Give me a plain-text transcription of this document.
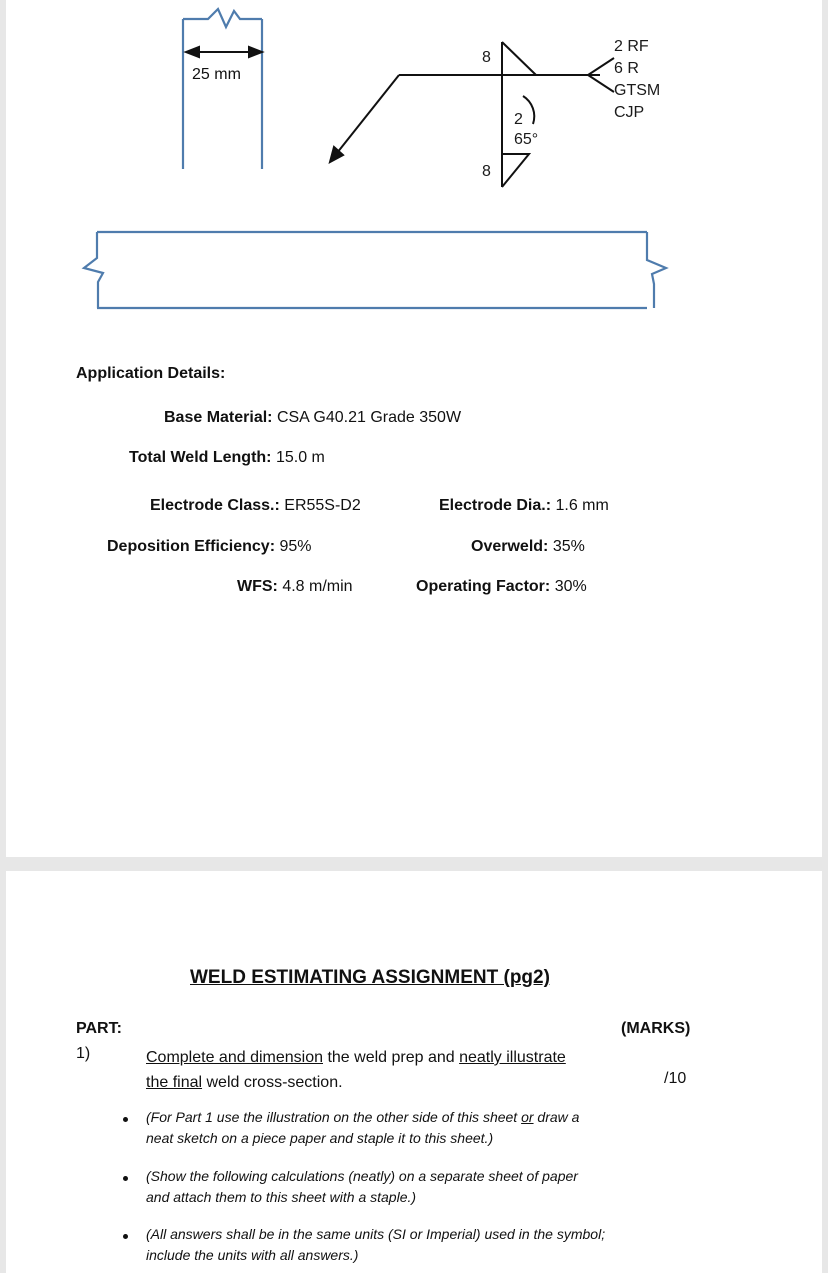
25 mm
8
8
2
65°
2 RF
6 R
GTSM
CJP
Application Details:
Base Material: CSA G40.21 Grade 350W
Total Weld Length: 15.0 m
Electrode Class.: ER55S-D2	Electrode Dia.: 1.6 mm
Deposition Efficiency: 95%	Overweld: 35%
WFS: 4.8 m/min	Operating Factor: 30%
WELD ESTIMATING ASSIGNMENT (pg2)
PART:	(MARKS)
1)	Complete and dimension the weld prep and neatly illustrate
the final weld cross-section.	/10
(For Part 1 use the illustration on the other side of this sheet or draw a
neat sketch on a piece paper and staple it to this sheet.)
(Show the following calculations (neatly) on a separate sheet of paper
and attach them to this sheet with a staple.)
(All answers shall be in the same units (SI or Imperial) used in the symbol;
include the units with all answers.)
